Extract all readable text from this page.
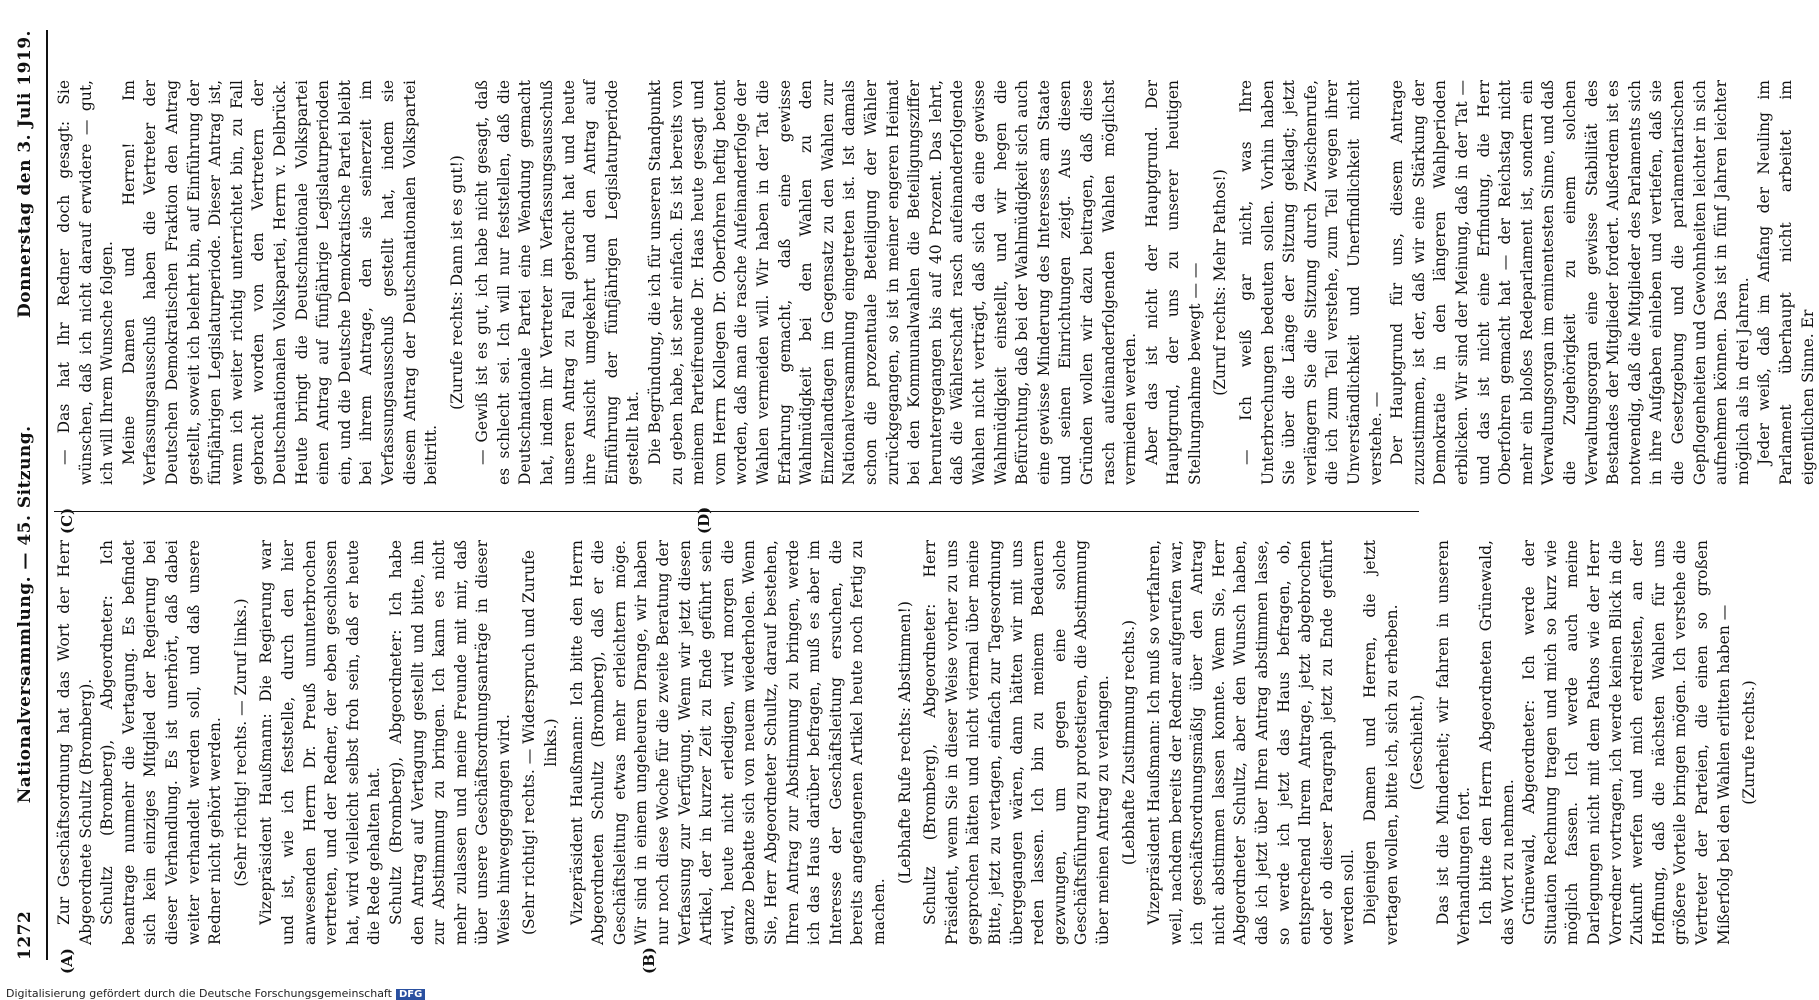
1272
Nationalversammlung. — 45. Sitzung.
Donnerstag den 3. Juli 1919.
(A)	(B)
(C)	(D)

Zur Geschäftsordnung hat das Wort der Herr Abgeordnete Schultz (Bromberg). Schultz (Bromberg), Abgeordneter: Ich beantrage nunmehr die Vertagung. Es befindet sich kein einziges Mitglied der Regierung bei dieser Verhandlung. Es ist unerhört, daß dabei weiter verhandelt werden soll, und daß unsere Redner nicht gehört werden. (Sehr richtig! rechts. — Zuruf links.) Vizepräsident Haußmann: Die Regierung war und ist, wie ich feststelle, durch den hier anwesenden Herrn Dr. Preuß ununterbrochen vertreten, und der Redner, der eben geschlossen hat, wird vielleicht selbst froh sein, daß er heute die Rede gehalten hat. Schultz (Bromberg), Abgeordneter: Ich habe den Antrag auf Vertagung gestellt und bitte, ihn zur Abstimmung zu bringen. Ich kann es nicht mehr zulassen und meine Freunde mit mir, daß über unsere Geschäftsordnungsanträge in dieser Weise hinweggegangen wird. (Sehr richtig! rechts. — Widerspruch und Zurufe links.) Vizepräsident Haußmann: Ich bitte den Herrn Abgeordneten Schultz (Bromberg), daß er die Geschäftsleitung etwas mehr erleichtern möge. Wir sind in einem ungeheuren Drange, wir haben nur noch diese Woche für die zweite Beratung der Verfassung zur Verfügung. Wenn wir jetzt diesen Artikel, der in kurzer Zeit zu Ende geführt sein wird, heute nicht erledigen, wird morgen die ganze Debatte sich von neuem wiederholen. Wenn Sie, Herr Abgeordneter Schultz, darauf bestehen, Ihren Antrag zur Abstimmung zu bringen, werde ich das Haus darüber befragen, muß es aber im Interesse der Geschäftsleitung ersuchen, die bereits angefangenen Artikel heute noch fertig zu machen.

(Lebhafte Rufe rechts: Abstimmen!) Schultz (Bromberg), Abgeordneter: Herr Präsident, wenn Sie in dieser Weise vorher zu uns gesprochen hätten und nicht viermal über meine Bitte, jetzt zu vertagen, einfach zur Tagesordnung übergegangen wären, dann hätten wir mit uns reden lassen. Ich bin zu meinem Bedauern gezwungen, um gegen eine solche Geschäftsführung zu protestieren, die Abstimmung über meinen Antrag zu verlangen. (Lebhafte Zustimmung rechts.) Vizepräsident Haußmann: Ich muß so verfahren, weil, nachdem bereits der Redner aufgerufen war, ich geschäftsordnungsmäßig über den Antrag nicht abstimmen lassen konnte. Wenn Sie, Herr Abgeordneter Schultz, aber den Wunsch haben, daß ich jetzt über Ihren Antrag abstimmen lasse, so werde ich jetzt das Haus befragen, ob, entsprechend Ihrem Antrage, jetzt abgebrochen oder ob dieser Paragraph jetzt zu Ende geführt werden soll. Diejenigen Damen und Herren, die jetzt vertagen wollen, bitte ich, sich zu erheben. (Geschieht.) Das ist die Minderheit; wir fahren in unseren Verhandlungen fort. Ich bitte den Herrn Abgeordneten Grünewald, das Wort zu nehmen. Grünewald, Abgeordneter: Ich werde der Situation Rechnung tragen und mich so kurz wie möglich fassen. Ich werde auch meine Darlegungen nicht mit dem Pathos wie der Herr Vorredner vortragen, ich werde keinen Blick in die Zukunft werfen und mich erdreisten, an der Hoffnung, daß die nächsten Wahlen für uns größere Vorteile bringen mögen. Ich verstehe die Vertreter der Parteien, die einen so großen Mißerfolg bei den Wahlen erlitten haben — (Zurufe rechts.)

— Das hat Ihr Redner doch gesagt: Sie wünschen, daß ich nicht darauf erwidere — gut, ich will Ihrem Wunsche folgen. Meine Damen und Herren! Im Verfassungsausschuß haben die Vertreter der Deutschen Demokratischen Fraktion den Antrag gestellt, soweit ich belehrt bin, auf Einführung der fünfjährigen Legislaturperiode. Dieser Antrag ist, wenn ich weiter richtig unterrichtet bin, zu Fall gebracht worden von den Vertretern der Deutschnationalen Volkspartei, Herrn v. Delbrück. Heute bringt die Deutschnationale Volkspartei einen Antrag auf fünfjährige Legislaturperioden ein, und die Deutsche Demokratische Partei bleibt bei ihrem Antrage, den sie seinerzeit im Verfassungsausschuß gestellt hat, indem sie diesem Antrag der Deutschnationalen Volkspartei beitritt.

(Zurufe rechts: Dann ist es gut!) — Gewiß ist es gut, ich habe nicht gesagt, daß es schlecht sei. Ich will nur feststellen, daß die Deutschnationale Partei eine Wendung gemacht hat, indem ihr Vertreter im Verfassungsausschuß unseren Antrag zu Fall gebracht hat und heute ihre Ansicht umgekehrt und den Antrag auf Einführung der fünfjährigen Legislaturperiode gestellt hat. Die Begründung, die ich für unseren Standpunkt zu geben habe, ist sehr einfach. Es ist bereits von meinem Parteifreunde Dr. Haas heute gesagt und vom Herrn Kollegen Dr. Oberfohren heftig betont worden, daß man die rasche Aufeinanderfolge der Wahlen vermeiden will. Wir haben in der Tat die Erfahrung gemacht, daß eine gewisse Wahlmüdigkeit bei den Wahlen zu den Einzellandtagen im Gegensatz zu den Wahlen zur Nationalversammlung eingetreten ist. Ist damals schon die prozentuale Beteiligung der Wähler zurückgegangen, so ist in meiner engeren Heimat bei den Kommunalwahlen die Beteiligungsziffer heruntergegangen bis auf 40 Prozent. Das lehrt, daß die Wählerschaft rasch aufeinanderfolgende Wahlen nicht verträgt, daß sich da eine gewisse Wahlmüdigkeit einstellt, und wir hegen die Befürchtung, daß bei der Wahlmüdigkeit sich auch eine gewisse Minderung des Interesses am Staate und seinen Einrichtungen zeigt. Aus diesen Gründen wollen wir dazu beitragen, daß diese rasch aufeinanderfolgenden Wahlen möglichst vermieden werden. Aber das ist nicht der Hauptgrund. Der Hauptgrund, der uns zu unserer heutigen Stellungnahme bewegt — — (Zuruf rechts: Mehr Pathos!) — Ich weiß gar nicht, was Ihre Unterbrechungen bedeuten sollen. Vorhin haben Sie über die Länge der Sitzung geklagt; jetzt verlängern Sie die Sitzung durch Zwischenrufe, die ich zum Teil verstehe, zum Teil wegen ihrer Unverständlichkeit und Unerfindlichkeit nicht verstehe. — Der Hauptgrund für uns, diesem Antrage zuzustimmen, ist der, daß wir eine Stärkung der Demokratie in den längeren Wahlperioden erblicken. Wir sind der Meinung, daß in der Tat — und das ist nicht eine Erfindung, die Herr Oberfohren gemacht hat — der Reichstag nicht mehr ein bloßes Redeparlament ist, sondern ein Verwaltungsorgan im eminentesten Sinne, und daß die Zugehörigkeit zu einem solchen Verwaltungsorgan eine gewisse Stabilität des Bestandes der Mitglieder fordert. Außerdem ist es notwendig, daß die Mitglieder des Parlaments sich in ihre Aufgaben einleben und vertiefen, daß sie die Gesetzgebung und die parlamentarischen Gepflogenheiten und Gewohnheiten leichter in sich aufnehmen können. Das ist in fünf Jahren leichter möglich als in drei Jahren. Jeder weiß, daß im Anfang der Neuling im Parlament überhaupt nicht arbeitet im eigentlichen Sinne. Er

Digitalisierung gefördert durch die Deutsche Forschungsgemeinschaft DFG
